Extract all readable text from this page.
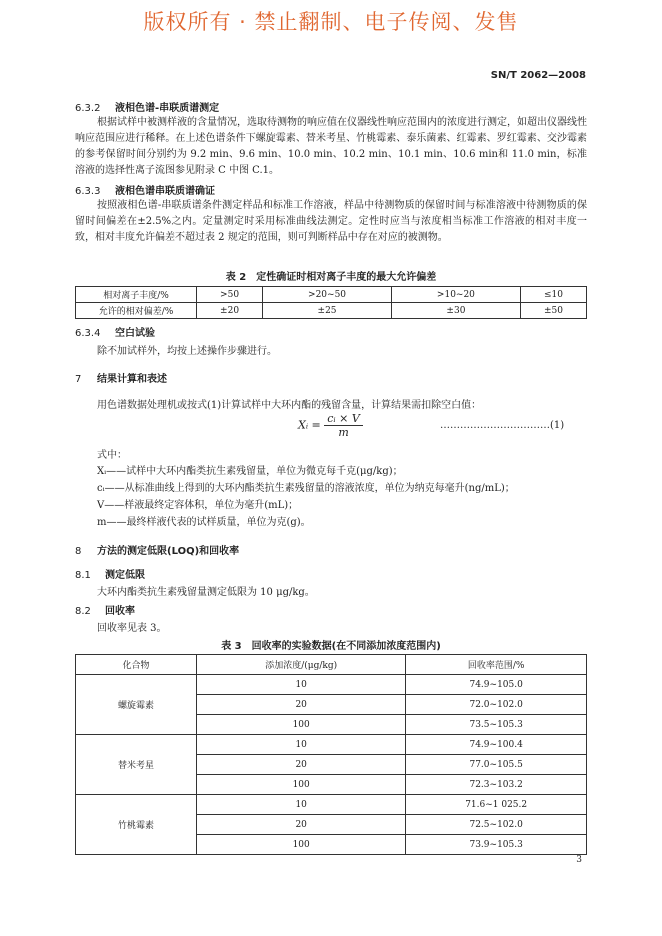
版权所有 · 禁止翻制、电子传阅、发售
SN/T 2062—2008
6.3.2 液相色谱-串联质谱测定

根据试样中被测样液的含量情况，选取待测物的响应值在仪器线性响应范围内的浓度进行测定，如超出仪器线性响应范围应进行稀释。在上述色谱条件下螺旋霉素、替米考星、竹桃霉素、泰乐菌素、红霉素、罗红霉素、交沙霉素的参考保留时间分别约为 9.2 min、9.6 min、10.0 min、10.2 min、10.1 min、10.6 min和 11.0 min，标准溶液的选择性离子流图参见附录 C 中图 C.1。

6.3.3 液相色谱串联质谱确证

按照液相色谱-串联质谱条件测定样品和标准工作溶液，样品中待测物质的保留时间与标准溶液中待测物质的保留时间偏差在±2.5%之内。定量测定时采用标准曲线法测定。定性时应当与浓度相当标准工作溶液的相对丰度一致，相对丰度允许偏差不超过表 2 规定的范围，则可判断样品中存在对应的被测物。

表 2　定性确证时相对离子丰度的最大允许偏差
相对离子丰度/%	>50	>20~50	>10~20	≤10
允许的相对偏差/%	±20	±25	±30	±50
6.3.4 空白试验
除不加试样外，均按上述操作步骤进行。
7 结果计算和表述
用色谱数据处理机或按式(1)计算试样中大环内酯的残留含量，计算结果需扣除空白值：
Xᵢ = $\frac{\text{cᵢ × V}}{m}$	……………………………(1)
式中：
Xᵢ——试样中大环内酯类抗生素残留量，单位为微克每千克(μg/kg)；
cᵢ——从标准曲线上得到的大环内酯类抗生素残留量的溶液浓度，单位为纳克每毫升(ng/mL)；
V——样液最终定容体积，单位为毫升(mL)；
m——最终样液代表的试样质量，单位为克(g)。
8 方法的测定低限(LOQ)和回收率
8.1 测定低限
大环内酯类抗生素残留量测定低限为 10 μg/kg。
8.2 回收率
回收率见表 3。
表 3　回收率的实验数据(在不同添加浓度范围内)
化合物	添加浓度/(μg/kg)	回收率范围/%
螺旋霉素	10	74.9~105.0
	20	72.0~102.0
	100	73.5~105.3
替米考星	10	74.9~100.4
	20	77.0~105.5
	100	72.3~103.2
竹桃霉素	10	71.6~1 025.2
	20	72.5~102.0
	100	73.9~105.3
3
